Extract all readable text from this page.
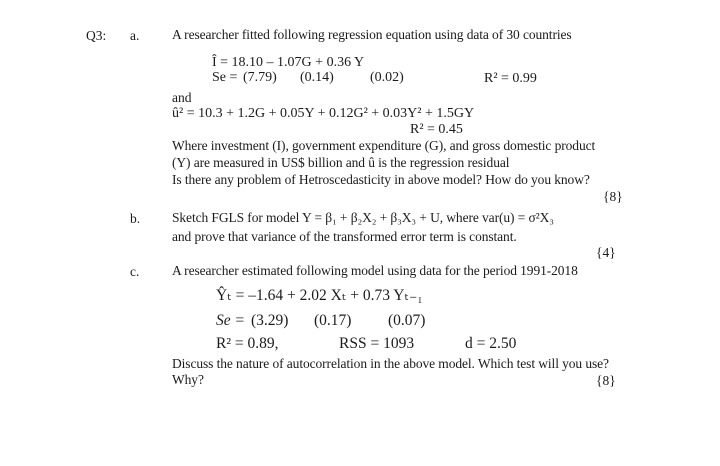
Q3: a. A researcher fitted following regression equation using data of 30 countries
Î = 18.10 – 1.07G + 0.36 Y
Se = (7.79) (0.14)	(0.02)	R² = 0.99
and
û² = 10.3 + 1.2G + 0.05Y + 0.12G² + 0.03Y² + 1.5GY
R² = 0.45
Where investment (I), government expenditure (G), and gross domestic product
(Y) are measured in US$ billion and û is the regression residual
Is there any problem of Hetroscedasticity in above model? How do you know?
{8}
b. Sketch FGLS for model Y = β₁ + β₂X₂ + β₃X₃ + U, where var(u) = σ²X₃
and prove that variance of the transformed error term is constant.
{4}
c. A researcher estimated following model using data for the period 1991-2018
Ŷₜ = –1.64 + 2.02 Xₜ + 0.73 Yₜ₋₁
Se = (3.29) (0.17) (0.07)
R² = 0.89,	RSS = 1093	d = 2.50
Discuss the nature of autocorrelation in the above model. Which test will you use?
Why?	{8}
